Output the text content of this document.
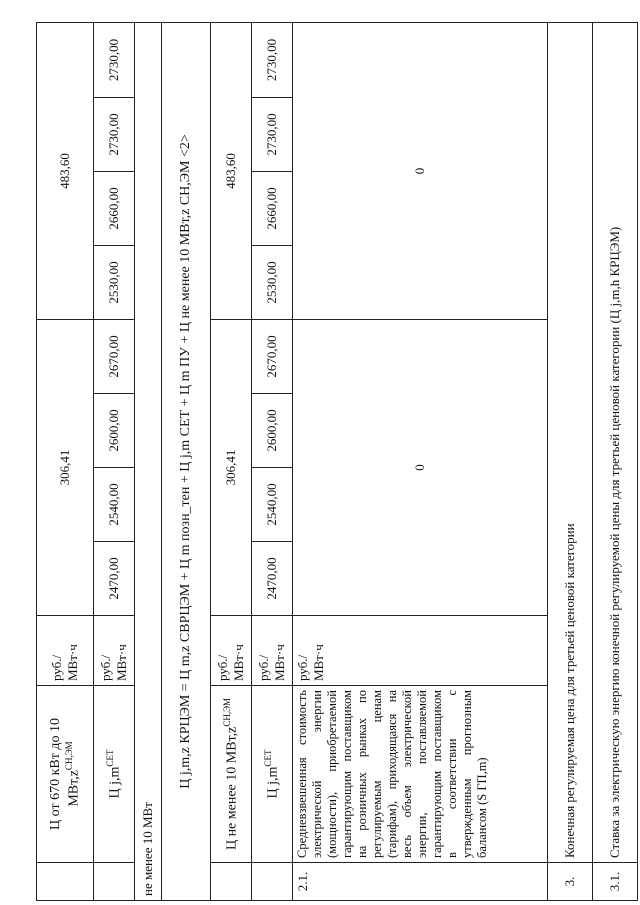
	Ц от 670 кВт до 10 $МВт,z^{СН,ЭМ}$	руб./ МВт·ч	306,41				483,60			
	Ц $j,m^{СЕТ}$	руб./МВт·ч	2470,00	2540,00	2600,00	2670,00	2530,00	2660,00	2730,00	2730,00
не менее 10 МВт										
Ц j,m,z КРЦЭМ = Ц m,z СВРЦЭМ + Ц m позн_тен + Ц j,m СЕТ + Ц m ПУ + Ц не менее 10 МВт,z СН,ЭМ <2>										
	Ц не менее 10 $МВт,z^{СН,ЭМ}$	руб./ МВт·ч	306,41				483,60			
	Ц $j,m^{СЕТ}$	руб./МВт·ч	2470,00	2540,00	2600,00	2670,00	2530,00	2660,00	2730,00	2730,00
2.1.	Средневзвешенная стоимость электрической энергии (мощности), приобретаемой гарантирующим поставщиком на розничных рынках по регулируемым ценам (тарифам), приходящаяся на весь объем электрической энергии, поставляемой гарантирующим поставщиком в соответствии с утвержденным прогнозным балансом (S ГП,m)	руб./МВт·ч	0				0			
3.	Конечная регулируемая цена для третьей ценовой категории									
3.1.	Ставка за электрическую энергию конечной регулируемой цены для третьей ценовой категории (Ц j,m,h КРЦЭМ)									
